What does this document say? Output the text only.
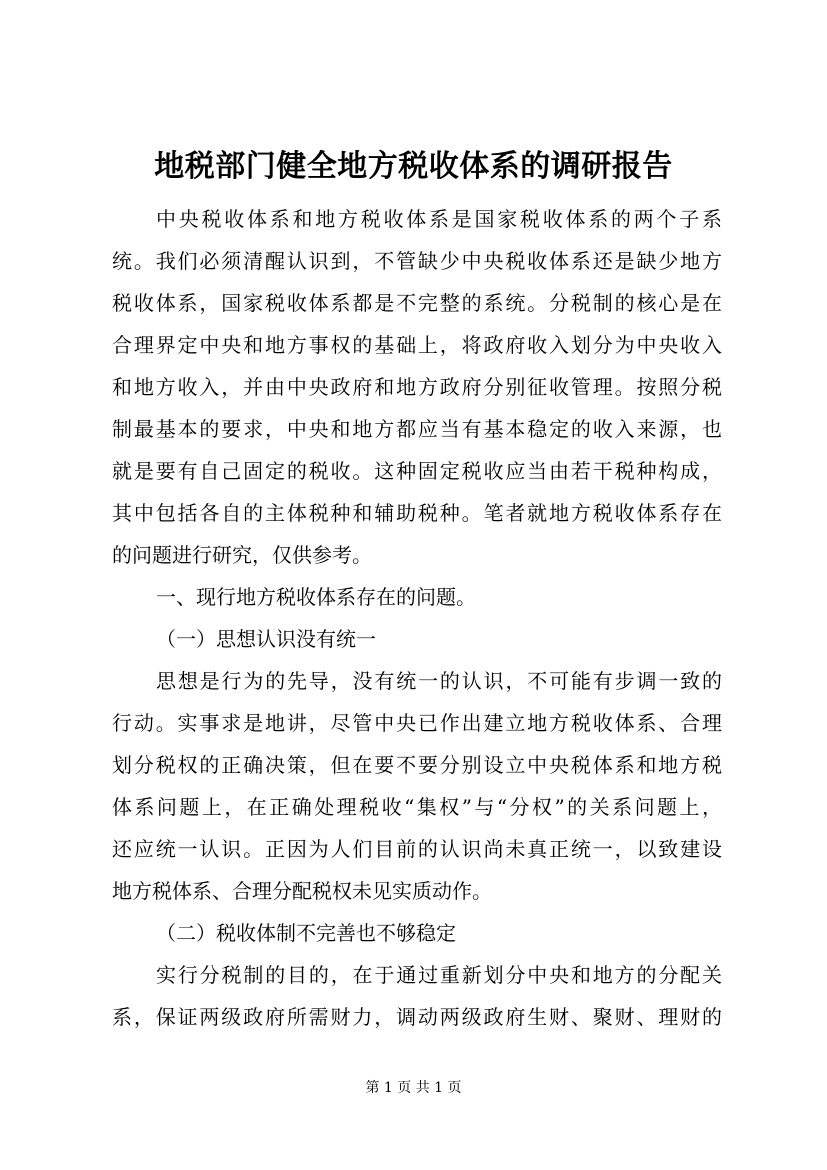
地税部门健全地方税收体系的调研报告
中央税收体系和地方税收体系是国家税收体系的两个子系
统。我们必须清醒认识到，不管缺少中央税收体系还是缺少地方
税收体系，国家税收体系都是不完整的系统。分税制的核心是在
合理界定中央和地方事权的基础上，将政府收入划分为中央收入
和地方收入，并由中央政府和地方政府分别征收管理。按照分税
制最基本的要求，中央和地方都应当有基本稳定的收入来源，也
就是要有自己固定的税收。这种固定税收应当由若干税种构成，
其中包括各自的主体税种和辅助税种。笔者就地方税收体系存在
的问题进行研究，仅供参考。
一、现行地方税收体系存在的问题。
（一）思想认识没有统一
思想是行为的先导，没有统一的认识，不可能有步调一致的
行动。实事求是地讲，尽管中央已作出建立地方税收体系、合理
划分税权的正确决策，但在要不要分别设立中央税体系和地方税
体系问题上，在正确处理税收“集权”与“分权”的关系问题上，
还应统一认识。正因为人们目前的认识尚未真正统一，以致建设
地方税体系、合理分配税权未见实质动作。
（二）税收体制不完善也不够稳定
实行分税制的目的，在于通过重新划分中央和地方的分配关
系，保证两级政府所需财力，调动两级政府生财、聚财、理财的
第 1 页 共 1 页
